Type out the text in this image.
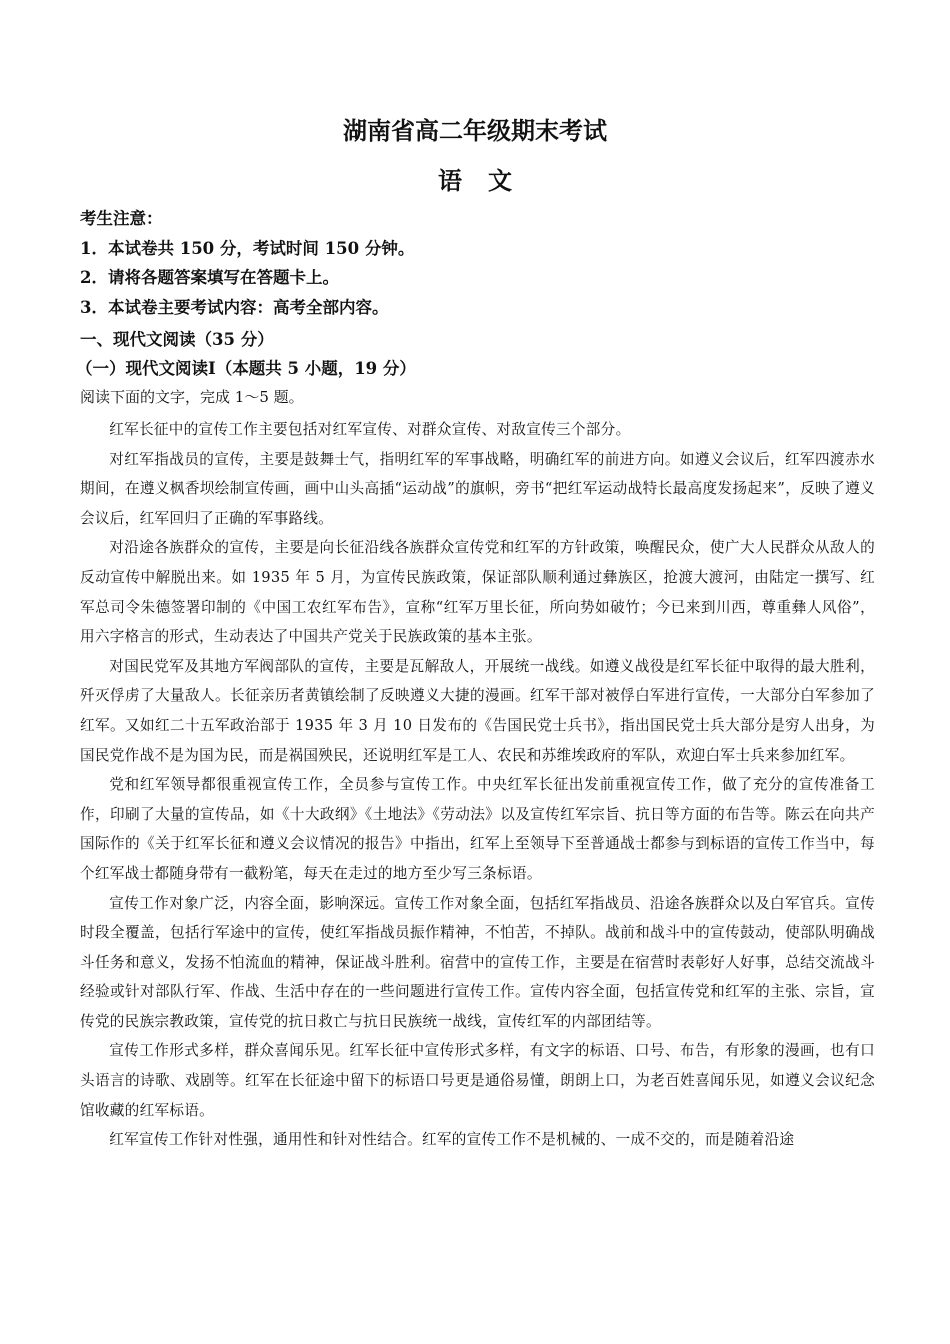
湖南省高二年级期末考试
语文
考生注意：
1．本试卷共 150 分，考试时间 150 分钟。
2．请将各题答案填写在答题卡上。
3．本试卷主要考试内容：高考全部内容。
一、现代文阅读（35 分）
（一）现代文阅读Ⅰ（本题共 5 小题，19 分）
阅读下面的文字，完成 1～5 题。

红军长征中的宣传工作主要包括对红军宣传、对群众宣传、对敌宣传三个部分。

对红军指战员的宣传，主要是鼓舞士气，指明红军的军事战略，明确红军的前进方向。如遵义会议后，红军四渡赤水期间，在遵义枫香坝绘制宣传画，画中山头高插“运动战”的旗帜，旁书“把红军运动战特长最高度发扬起来”，反映了遵义会议后，红军回归了正确的军事路线。

对沿途各族群众的宣传，主要是向长征沿线各族群众宣传党和红军的方针政策，唤醒民众，使广大人民群众从敌人的反动宣传中解脱出来。如 1935 年 5 月，为宣传民族政策，保证部队顺利通过彝族区，抢渡大渡河，由陆定一撰写、红军总司令朱德签署印制的《中国工农红军布告》，宣称“红军万里长征，所向势如破竹；今已来到川西，尊重彝人风俗”，用六字格言的形式，生动表达了中国共产党关于民族政策的基本主张。

对国民党军及其地方军阀部队的宣传，主要是瓦解敌人，开展统一战线。如遵义战役是红军长征中取得的最大胜利，歼灭俘虏了大量敌人。长征亲历者黄镇绘制了反映遵义大捷的漫画。红军干部对被俘白军进行宣传，一大部分白军参加了红军。又如红二十五军政治部于 1935 年 3 月 10 日发布的《告国民党士兵书》，指出国民党士兵大部分是穷人出身，为国民党作战不是为国为民，而是祸国殃民，还说明红军是工人、农民和苏维埃政府的军队，欢迎白军士兵来参加红军。

党和红军领导都很重视宣传工作，全员参与宣传工作。中央红军长征出发前重视宣传工作，做了充分的宣传准备工作，印刷了大量的宣传品，如《十大政纲》《土地法》《劳动法》以及宣传红军宗旨、抗日等方面的布告等。陈云在向共产国际作的《关于红军长征和遵义会议情况的报告》中指出，红军上至领导下至普通战士都参与到标语的宣传工作当中，每个红军战士都随身带有一截粉笔，每天在走过的地方至少写三条标语。

宣传工作对象广泛，内容全面，影响深远。宣传工作对象全面，包括红军指战员、沿途各族群众以及白军官兵。宣传时段全覆盖，包括行军途中的宣传，使红军指战员振作精神，不怕苦，不掉队。战前和战斗中的宣传鼓动，使部队明确战斗任务和意义，发扬不怕流血的精神，保证战斗胜利。宿营中的宣传工作，主要是在宿营时表彰好人好事，总结交流战斗经验或针对部队行军、作战、生活中存在的一些问题进行宣传工作。宣传内容全面，包括宣传党和红军的主张、宗旨，宣传党的民族宗教政策，宣传党的抗日救亡与抗日民族统一战线，宣传红军的内部团结等。

宣传工作形式多样，群众喜闻乐见。红军长征中宣传形式多样，有文字的标语、口号、布告，有形象的漫画，也有口头语言的诗歌、戏剧等。红军在长征途中留下的标语口号更是通俗易懂，朗朗上口，为老百姓喜闻乐见，如遵义会议纪念馆收藏的红军标语。

红军宣传工作针对性强，通用性和针对性结合。红军的宣传工作不是机械的、一成不交的，而是随着沿途
